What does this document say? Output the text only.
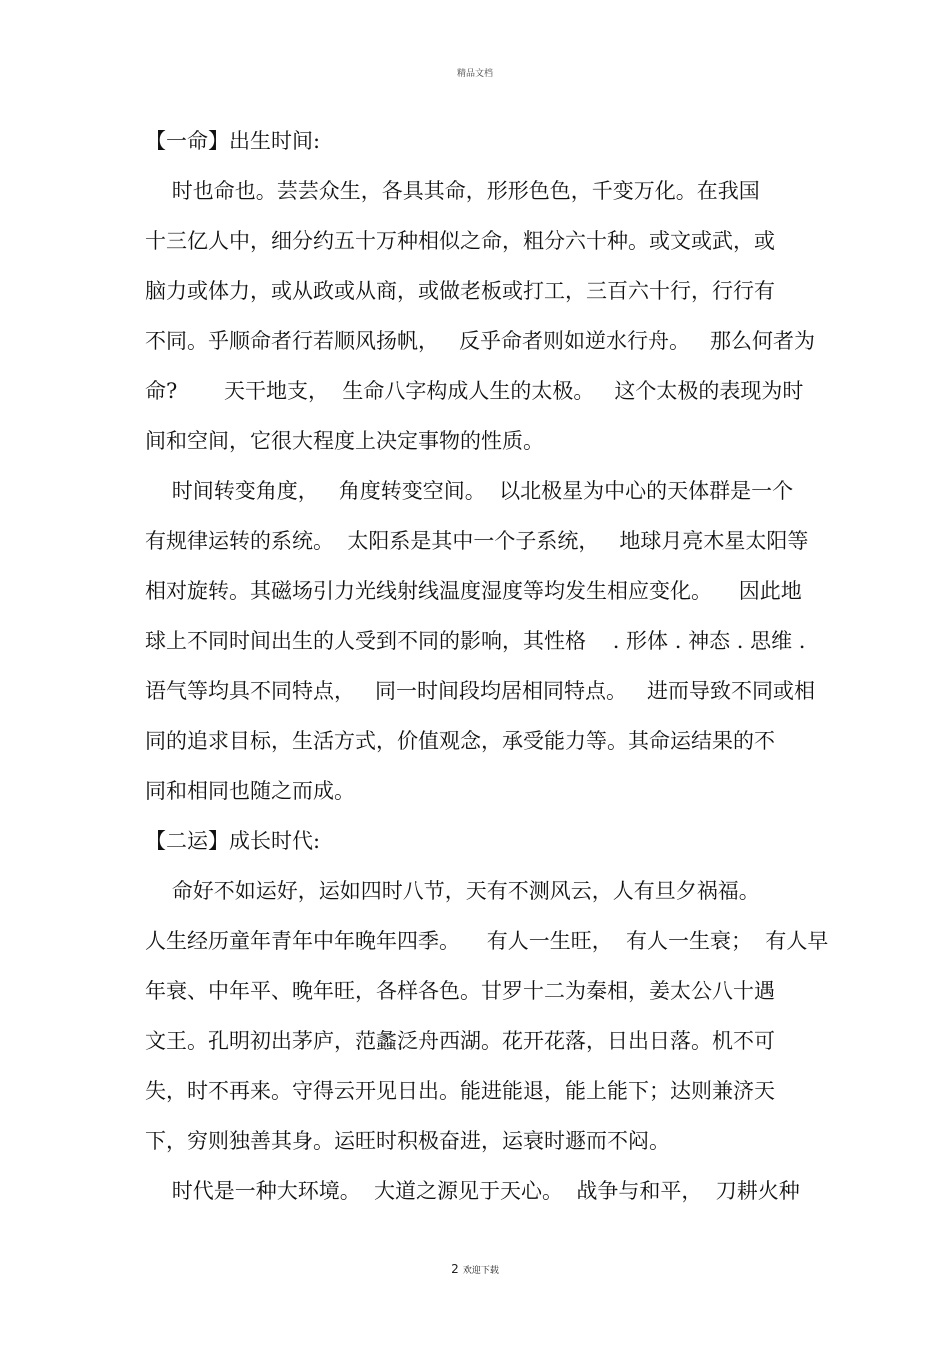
精品文档
【一命】出生时间:
时也命也。芸芸众生，各具其命，形形色色，千变万化。在我国
十三亿人中，细分约五十万种相似之命，粗分六十种。或文或武，或
脑力或体力，或从政或从商，或做老板或打工，三百六十行，行行有
不同。乎顺命者行若顺风扬帆，   反乎命者则如逆水行舟。   那么何者为
命?       天干地支，  生命八字构成人生的太极。   这个太极的表现为时
间和空间，它很大程度上决定事物的性质。
时间转变角度，   角度转变空间。  以北极星为中心的天体群是一个
有规律运转的系统。  太阳系是其中一个子系统，   地球月亮木星太阳等
相对旋转。其磁场引力光线射线温度湿度等均发生相应变化。    因此地
球上不同时间出生的人受到不同的影响，其性格    . 形体 . 神态 . 思维 .
语气等均具不同特点，   同一时间段均居相同特点。   进而导致不同或相
同的追求目标，生活方式，价值观念，承受能力等。其命运结果的不
同和相同也随之而成。
【二运】成长时代:
命好不如运好，运如四时八节，天有不测风云，人有旦夕祸福。
人生经历童年青年中年晚年四季。    有人一生旺，  有人一生衰；  有人早
年衰、中年平、晚年旺，各样各色。甘罗十二为秦相，姜太公八十遇
文王。孔明初出茅庐，范蠡泛舟西湖。花开花落，日出日落。机不可
失，时不再来。守得云开见日出。能进能退，能上能下；达则兼济天
下，穷则独善其身。运旺时积极奋进，运衰时遯而不闷。
时代是一种大环境。  大道之源见于天心。  战争与和平，  刀耕火种
2 欢迎下载
